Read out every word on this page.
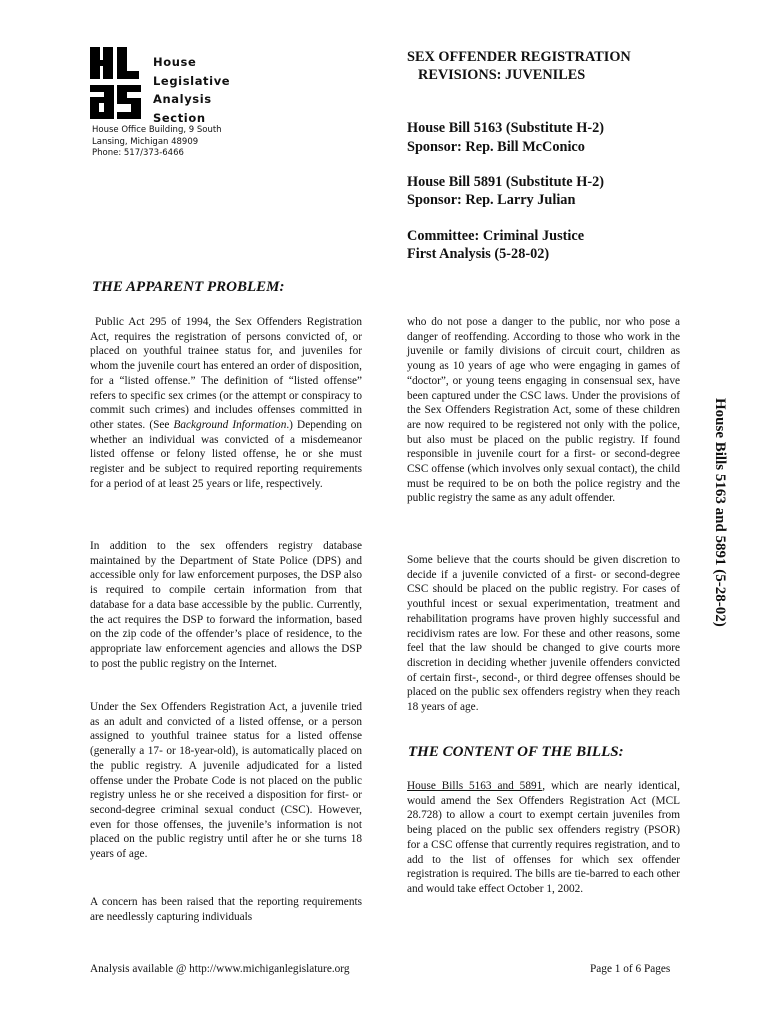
House
Legislative
Analysis
Section
House Office Building, 9 South
Lansing, Michigan 48909
Phone: 517/373-6466
SEX OFFENDER REGISTRATION
REVISIONS: JUVENILES
House Bill 5163 (Substitute H-2)
Sponsor: Rep. Bill McConico
House Bill 5891 (Substitute H-2)
Sponsor: Rep. Larry Julian
Committee: Criminal Justice
First Analysis (5-28-02)
THE APPARENT PROBLEM:

Public Act 295 of 1994, the Sex Offenders Registration Act, requires the registration of persons convicted of, or placed on youthful trainee status for, and juveniles for whom the juvenile court has entered an order of disposition, for a “listed offense.” The definition of “listed offense” refers to specific sex crimes (or the attempt or conspiracy to commit such crimes) and includes offenses committed in other states. (See Background Information.) Depending on whether an individual was convicted of a misdemeanor listed offense or felony listed offense, he or she must register and be subject to required reporting requirements for a period of at least 25 years or life, respectively.

In addition to the sex offenders registry database maintained by the Department of State Police (DPS) and accessible only for law enforcement purposes, the DSP also is required to compile certain information from that database for a data base accessible by the public. Currently, the act requires the DSP to forward the information, based on the zip code of the offender’s place of residence, to the appropriate law enforcement agencies and allows the DSP to post the public registry on the Internet.

Under the Sex Offenders Registration Act, a juvenile tried as an adult and convicted of a listed offense, or a person assigned to youthful trainee status for a listed offense (generally a 17- or 18-year-old), is automatically placed on the public registry. A juvenile adjudicated for a listed offense under the Probate Code is not placed on the public registry unless he or she received a disposition for first- or second-degree criminal sexual conduct (CSC). However, even for those offenses, the juvenile’s information is not placed on the public registry until after he or she turns 18 years of age.

A concern has been raised that the reporting requirements are needlessly capturing individuals

who do not pose a danger to the public, nor who pose a danger of reoffending. According to those who work in the juvenile or family divisions of circuit court, children as young as 10 years of age who were engaging in games of “doctor”, or young teens engaging in consensual sex, have been captured under the CSC laws. Under the provisions of the Sex Offenders Registration Act, some of these children are now required to be registered not only with the police, but also must be placed on the public registry. If found responsible in juvenile court for a first- or second-degree CSC offense (which involves only sexual contact), the child must be required to be on both the police registry and the public registry the same as any adult offender.

Some believe that the courts should be given discretion to decide if a juvenile convicted of a first- or second-degree CSC should be placed on the public registry. For cases of youthful incest or sexual experimentation, treatment and rehabilitation programs have proven highly successful and recidivism rates are low. For these and other reasons, some feel that the law should be changed to give courts more discretion in deciding whether juvenile offenders convicted of certain first-, second-, or third degree offenses should be placed on the public sex offenders registry when they reach 18 years of age.

THE CONTENT OF THE BILLS:

House Bills 5163 and 5891, which are nearly identical, would amend the Sex Offenders Registration Act (MCL 28.728) to allow a court to exempt certain juveniles from being placed on the public sex offenders registry (PSOR) for a CSC offense that currently requires registration, and to add to the list of offenses for which sex offender registration is required. The bills are tie-barred to each other and would take effect October 1, 2002.

House Bills 5163 and 5891 (5-28-02)
Analysis available @ http://www.michiganlegislature.org	Page 1 of 6 Pages
